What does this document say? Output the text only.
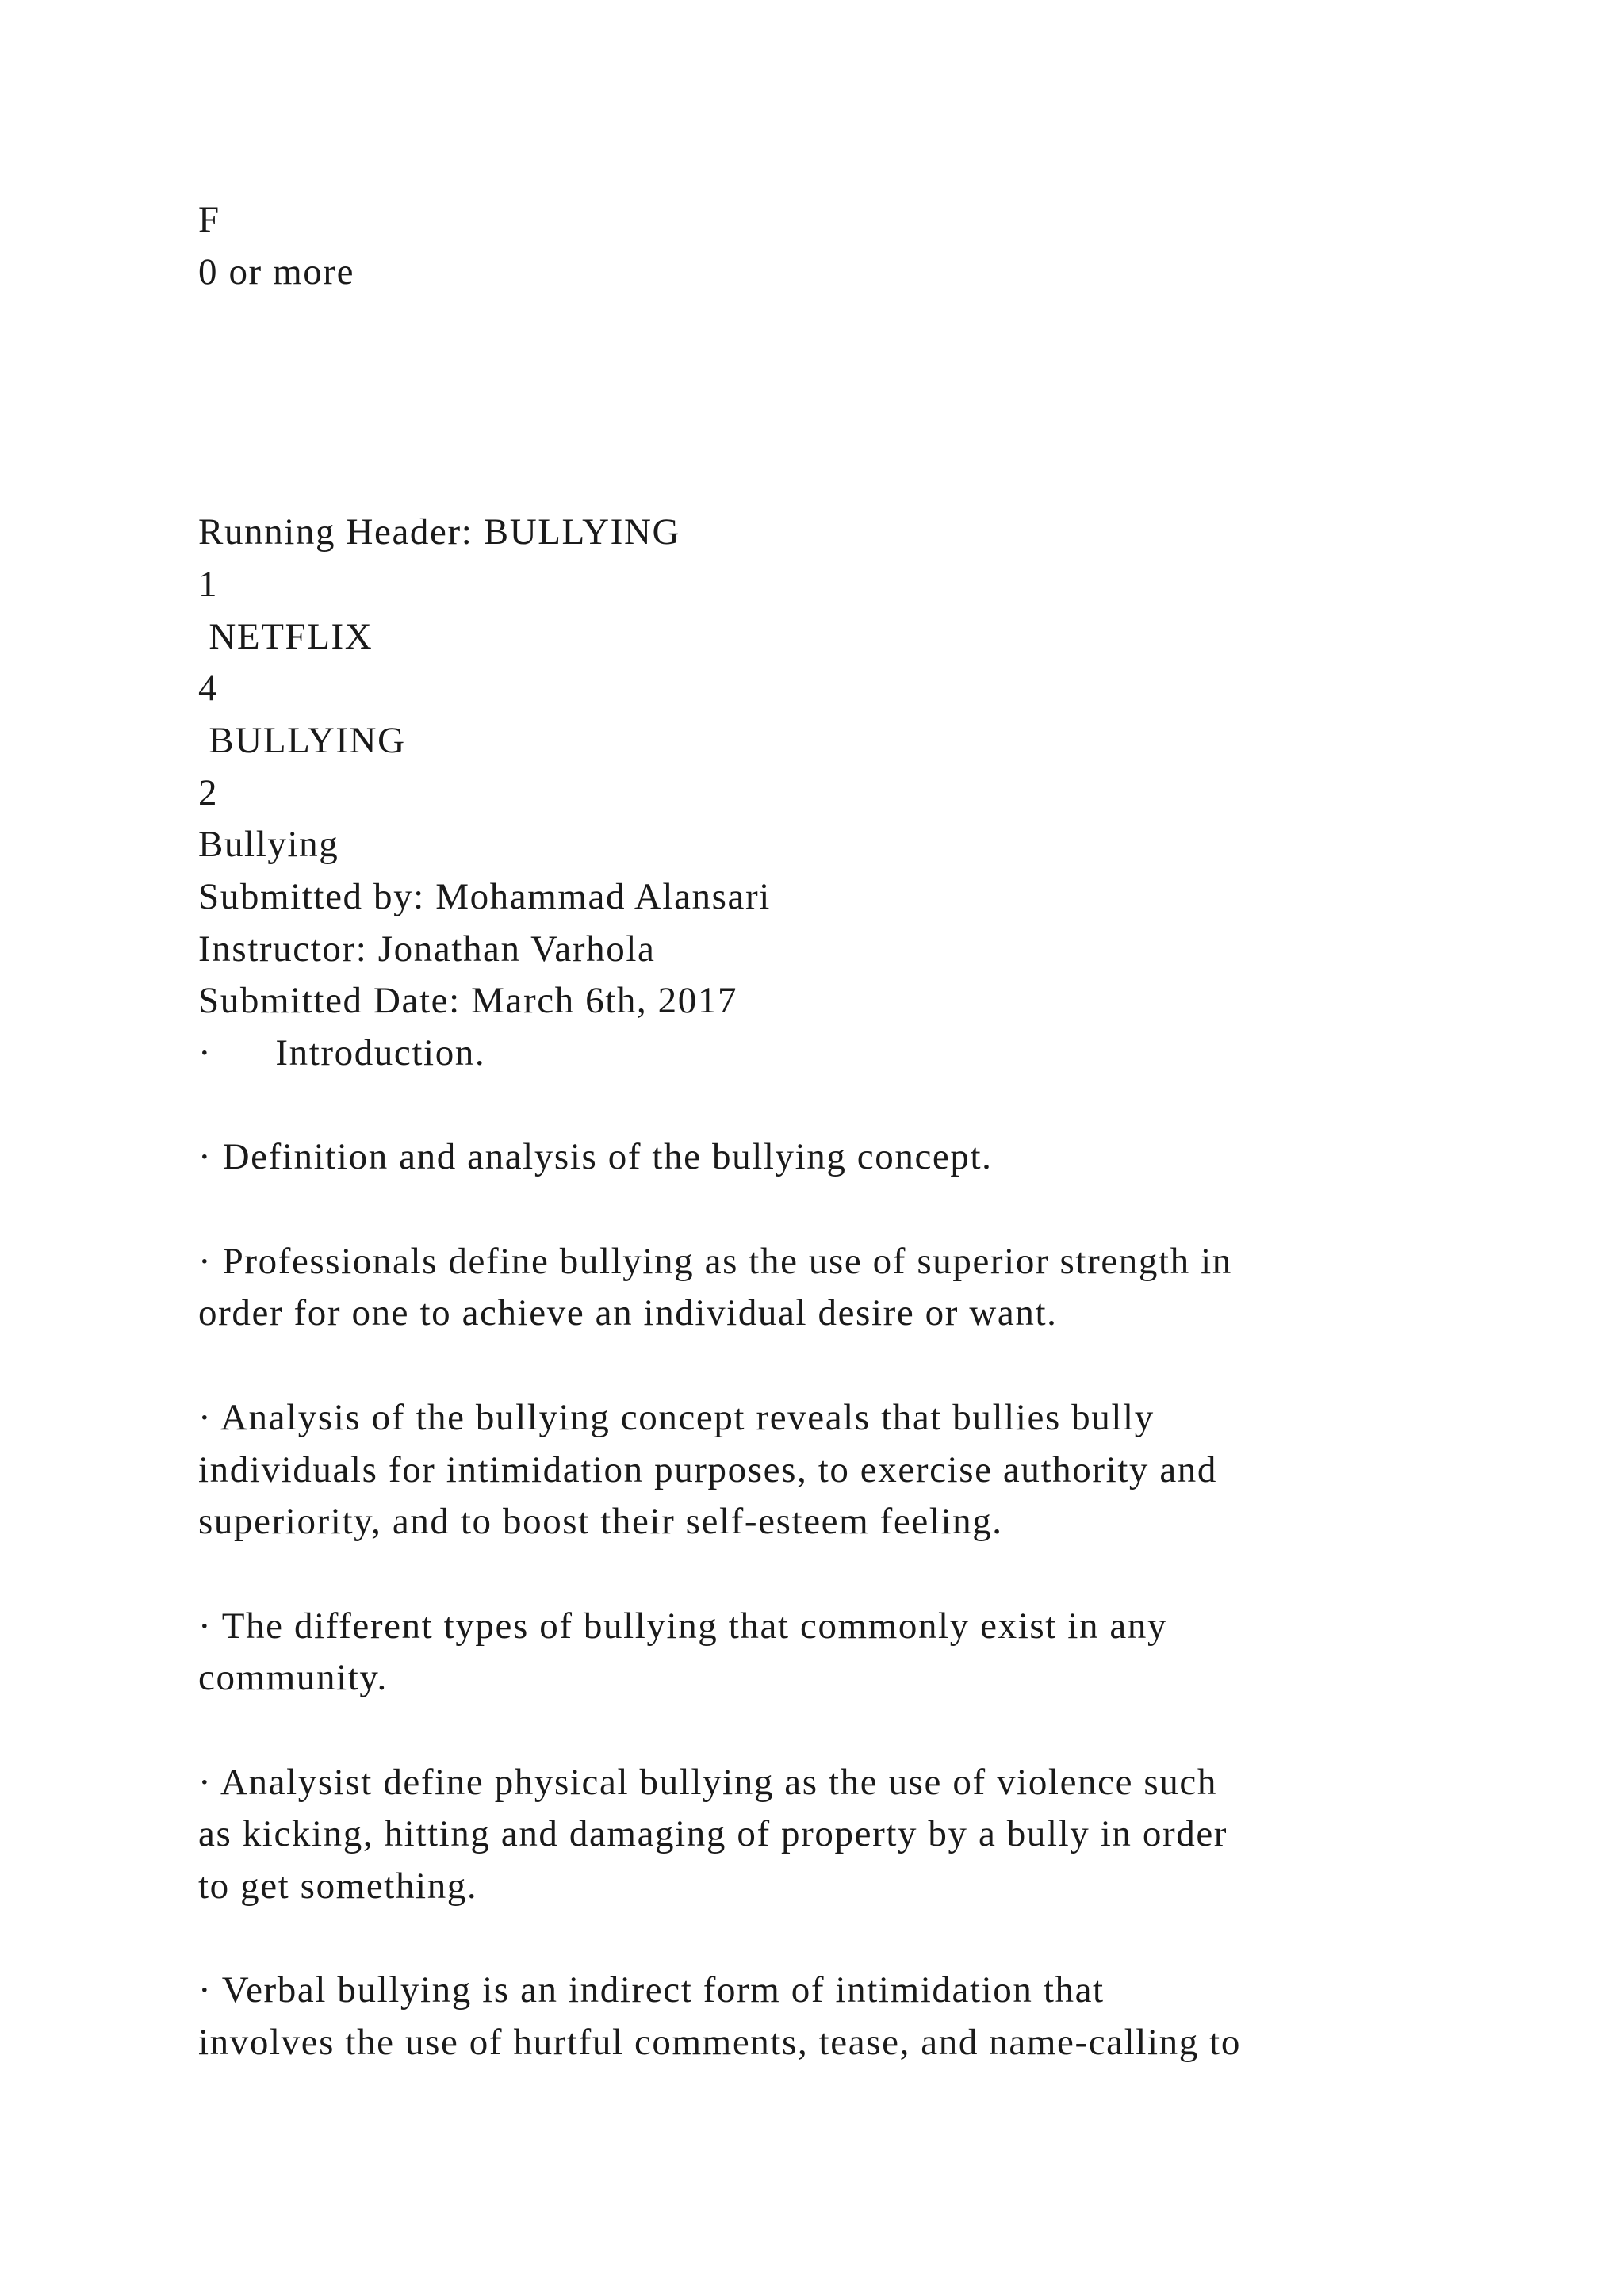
F

0 or more

Running Header: BULLYING

1

NETFLIX

4

BULLYING

2

Bullying

Submitted by: Mohammad Alansari

Instructor: Jonathan Varhola

Submitted Date: March 6th, 2017

·      Introduction.

· Definition and analysis of the bullying concept.

· Professionals define bullying as the use of superior strength in

order for one to achieve an individual desire or want.

· Analysis of the bullying concept reveals that bullies bully

individuals for intimidation purposes, to exercise authority and

superiority, and to boost their self-esteem feeling.

· The different types of bullying that commonly exist in any

community.

· Analysist define physical bullying as the use of violence such

as kicking, hitting and damaging of property by a bully in order

to get something.

· Verbal bullying is an indirect form of intimidation that

involves the use of hurtful comments, tease, and name-calling to
